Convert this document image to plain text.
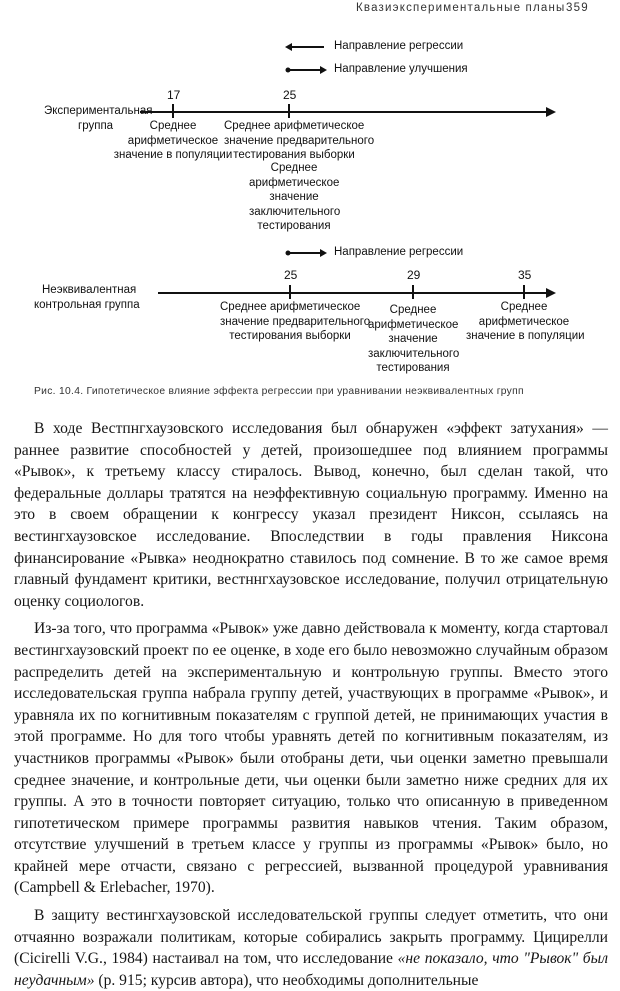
Квазиэкспериментальные планы 359
Направление регрессии
Направление улучшения
Направление регрессии
Экспериментальная
группа
17
Среднее
арифметическое
значение в популяции
25
Среднее арифметическое
значение предварительного
тестирования выборки
Среднее
арифметическое
значение
заключительного
тестирования
Неэквивалентная
контрольная группа
25
Среднее арифметическое
значение предварительного
тестирования выборки
29
Среднее
арифметическое
значение
заключительного
тестирования
35
Среднее
арифметическое
значение в популяции
Рис. 10.4. Гипотетическое влияние эффекта регрессии при уравнивании неэквивалентных групп

В ходе Вестпнгхаузовского исследования был обнаружен «эффект затухания» — раннее развитие способностей у детей, произошедшее под влиянием программы «Рывок», к третьему классу стиралось. Вывод, конечно, был сделан такой, что федеральные доллары тратятся на неэффективную социальную программу. Именно на это в своем обращении к конгрессу указал президент Никсон, ссылаясь на вестингхаузовское исследование. Впоследствии в годы правления Никсона финансирование «Рывка» неоднократно ставилось под сомнение. В то же самое время главный фундамент критики, вестннгхаузовское исследование, получил отрицательную оценку социологов.

Из-за того, что программа «Рывок» уже давно действовала к моменту, когда стартовал вестингхаузовский проект по ее оценке, в ходе его было невозможно случайным образом распределить детей на экспериментальную и контрольную группы. Вместо этого исследовательская группа набрала группу детей, участвующих в программе «Рывок», и уравняла их по когнитивным показателям с группой детей, не принимающих участия в этой программе. Но для того чтобы уравнять детей по когнитивным показателям, из участников программы «Рывок» были отобраны дети, чьи оценки заметно превышали среднее значение, и контрольные дети, чьи оценки были заметно ниже средних для их группы. А это в точности повторяет ситуацию, только что описанную в приведенном гипотетическом примере программы развития навыков чтения. Таким образом, отсутствие улучшений в третьем классе у группы из программы «Рывок» было, но крайней мере отчасти, связано с регрессией, вызванной процедурой уравнивания (Campbell & Erlebacher, 1970).

В защиту вестингхаузовской исследовательской группы следует отметить, что они отчаянно возражали политикам, которые собирались закрыть программу. Цицирелли (Cicirelli V.G., 1984) настаивал на том, что исследование «не показало, что "Рывок" был неудачным» (р. 915; курсив автора), что необходимы дополнительные
